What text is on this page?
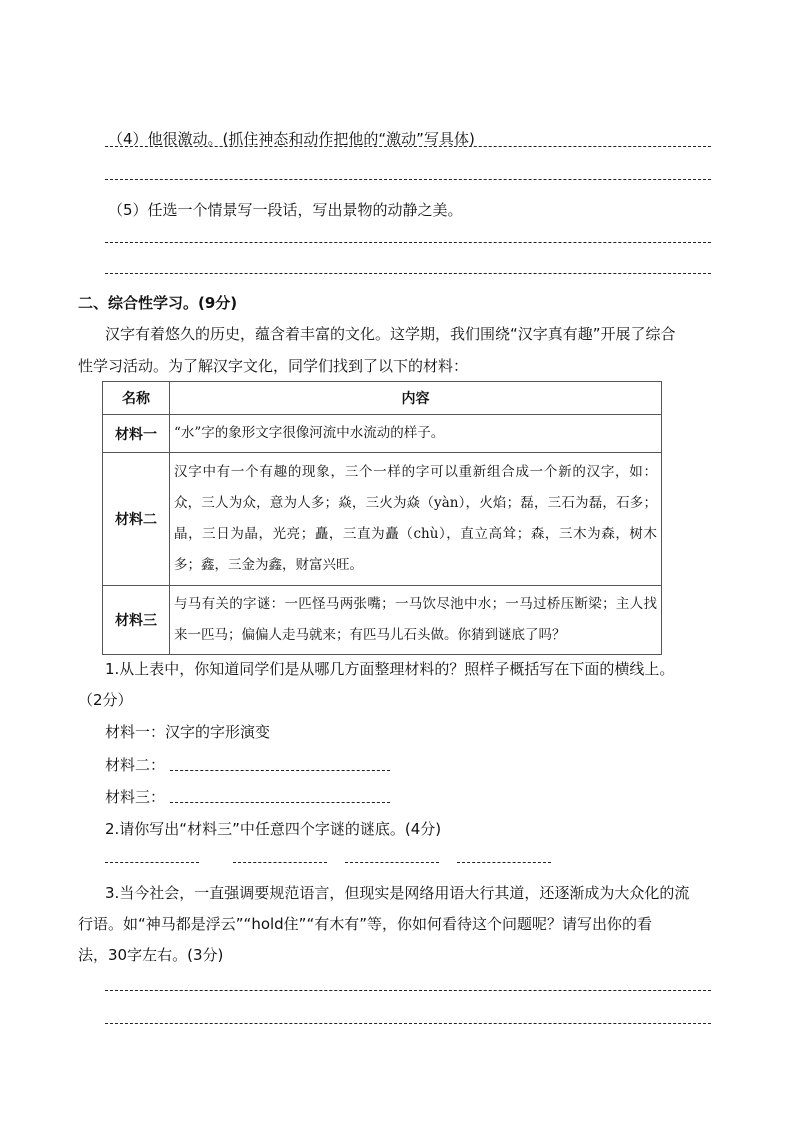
（4）他很激动。(抓住神态和动作把他的“激动”写具体)
（5）任选一个情景写一段话，写出景物的动静之美。
二、综合性学习。(9分)
汉字有着悠久的历史，蕴含着丰富的文化。这学期，我们围绕“汉字真有趣”开展了综合
性学习活动。为了解汉字文化，同学们找到了以下的材料：
名称	内容
材料一	“水”字的象形文字很像河流中水流动的样子。
材料二	汉字中有一个有趣的现象，三个一样的字可以重新组合成一个新的汉字，如：众，三人为众，意为人多；焱，三火为焱（yàn），火焰；磊，三石为磊，石多；晶，三日为晶，光亮；矗，三直为矗（chù），直立高耸；森，三木为森，树木多；鑫，三金为鑫，财富兴旺。
材料三	与马有关的字谜：一匹怪马两张嘴；一马饮尽池中水；一马过桥压断梁；主人找来一匹马；偏偏人走马就来；有匹马儿石头做。你猜到谜底了吗？
1.从上表中，你知道同学们是从哪几方面整理材料的？照样子概括写在下面的横线上。
（2分）
材料一：汉字的字形演变
材料二：
材料三：
2.请你写出“材料三”中任意四个字谜的谜底。(4分)
3.当今社会，一直强调要规范语言，但现实是网络用语大行其道，还逐渐成为大众化的流
行语。如“神马都是浮云”“hold住”“有木有”等，你如何看待这个问题呢？请写出你的看
法，30字左右。(3分)
